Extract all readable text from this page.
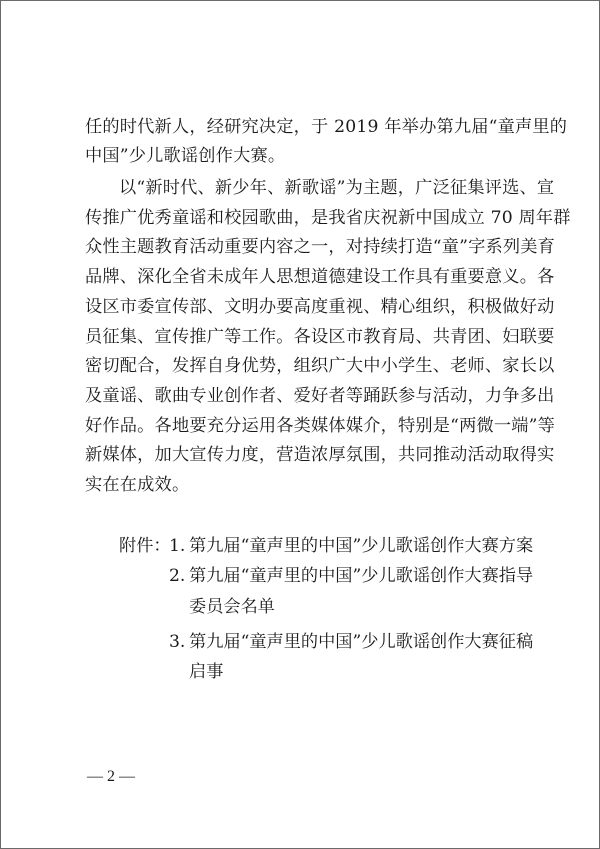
任的时代新人，经研究决定，于 2019 年举办第九届“童声里的
中国”少儿歌谣创作大赛。
以“新时代、新少年、新歌谣”为主题，广泛征集评选、宣
传推广优秀童谣和校园歌曲，是我省庆祝新中国成立 70 周年群
众性主题教育活动重要内容之一，对持续打造“童”字系列美育
品牌、深化全省未成年人思想道德建设工作具有重要意义。各
设区市委宣传部、文明办要高度重视、精心组织，积极做好动
员征集、宣传推广等工作。各设区市教育局、共青团、妇联要
密切配合，发挥自身优势，组织广大中小学生、老师、家长以
及童谣、歌曲专业创作者、爱好者等踊跃参与活动，力争多出
好作品。各地要充分运用各类媒体媒介，特别是“两微一端”等
新媒体，加大宣传力度，营造浓厚氛围，共同推动活动取得实
实在在成效。
附件：
1. 第九届“童声里的中国”少儿歌谣创作大赛方案
2. 第九届“童声里的中国”少儿歌谣创作大赛指导
委员会名单
3. 第九届“童声里的中国”少儿歌谣创作大赛征稿
启事
— 2 —
